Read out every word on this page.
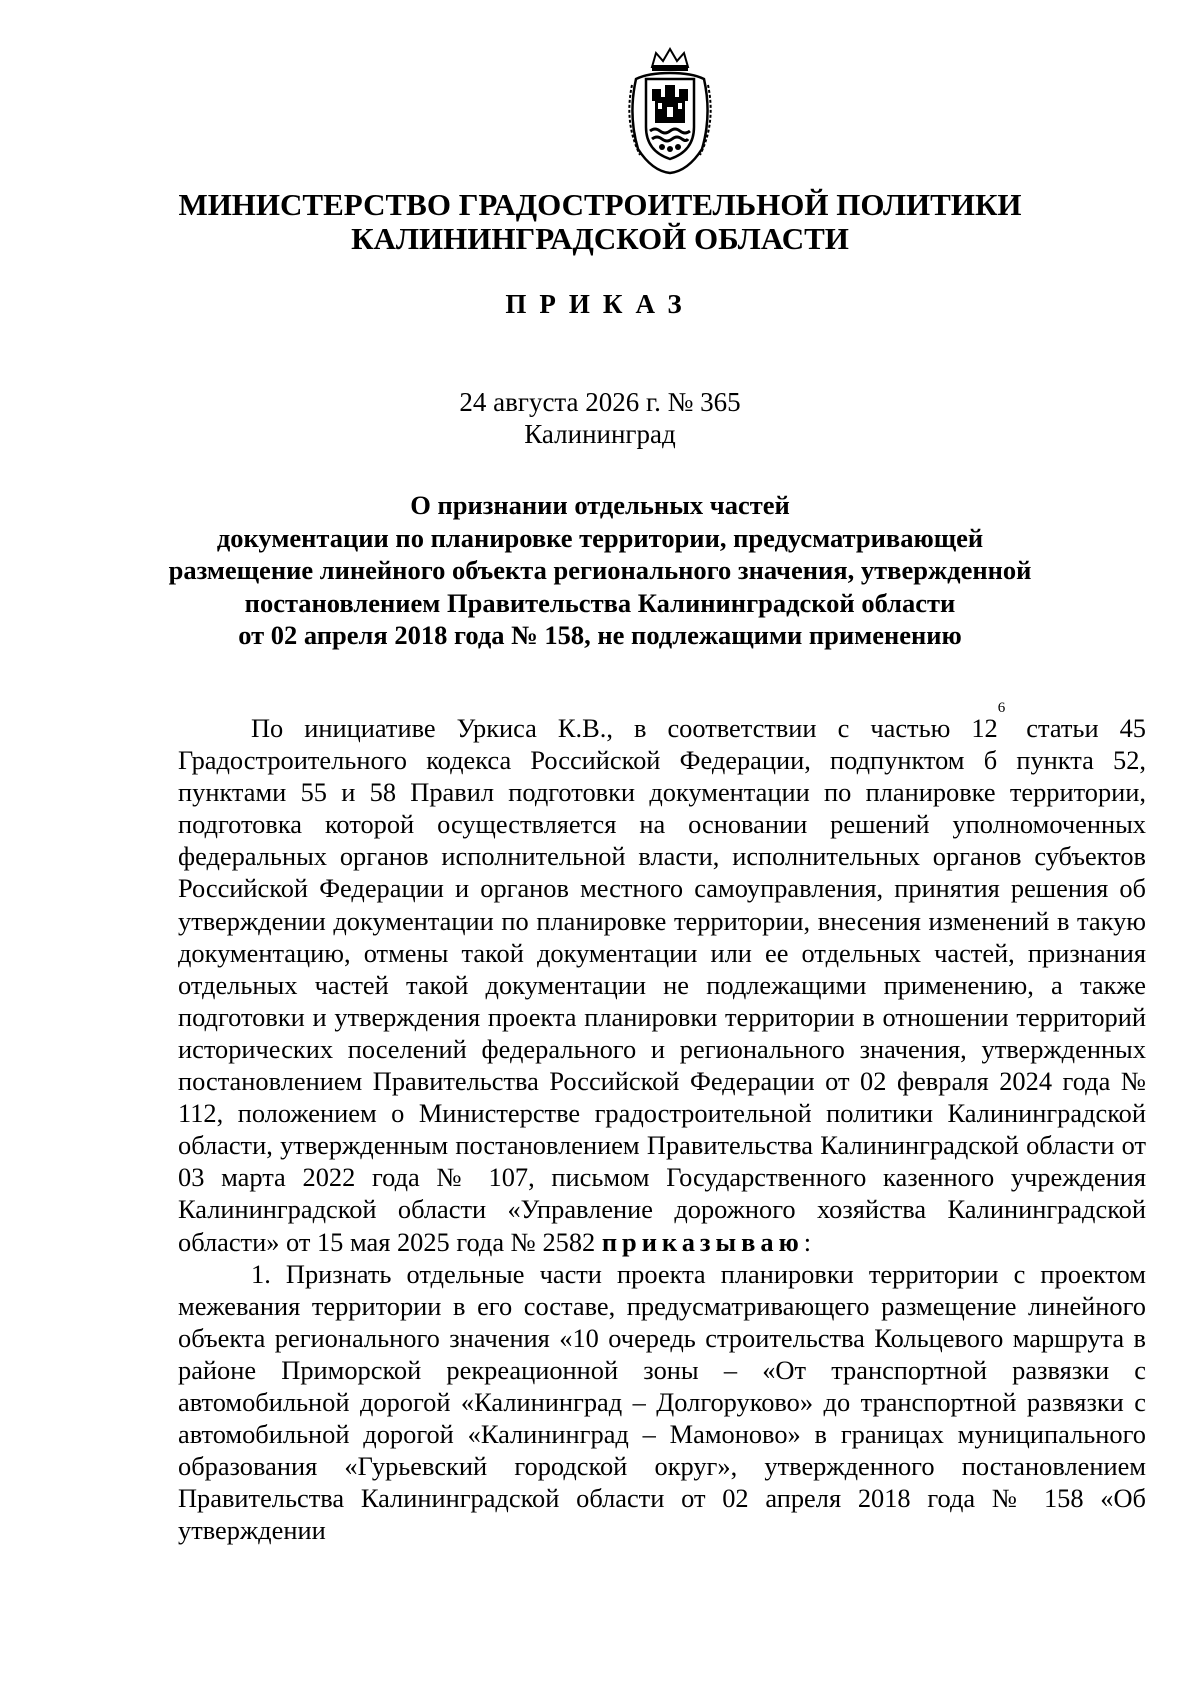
МИНИСТЕРСТВО ГРАДОСТРОИТЕЛЬНОЙ ПОЛИТИКИ
КАЛИНИНГРАДСКОЙ ОБЛАСТИ
ПРИКАЗ
24 августа 2026 г. № 365
Калининград
О признании отдельных частей
документации по планировке территории, предусматривающей
размещение линейного объекта регионального значения, утвержденной
постановлением Правительства Калининградской области
от 02 апреля 2018 года № 158, не подлежащими применению

По инициативе Уркиса К.В., в соответствии с частью $12^6$ статьи 45 Градостроительного кодекса Российской Федерации, подпунктом б пункта 52, пунктами 55 и 58 Правил подготовки документации по планировке территории, подготовка которой осуществляется на основании решений уполномоченных федеральных органов исполнительной власти, исполнительных органов субъектов Российской Федерации и органов местного самоуправления, принятия решения об утверждении документации по планировке территории, внесения изменений в такую документацию, отмены такой документации или ее отдельных частей, признания отдельных частей такой документации не подлежащими применению, а также подготовки и утверждения проекта планировки территории в отношении территорий исторических поселений федерального и регионального значения, утвержденных постановлением Правительства Российской Федерации от 02 февраля 2024 года № 112, положением о Министерстве градостроительной политики Калининградской области, утвержденным постановлением Правительства Калининградской области от 03 марта 2022 года № 107, письмом Государственного казенного учреждения Калининградской области «Управление дорожного хозяйства Калининградской области» от 15 мая 2025 года № 2582 приказываю:

1. Признать отдельные части проекта планировки территории с проектом межевания территории в его составе, предусматривающего размещение линейного объекта регионального значения «10 очередь строительства Кольцевого маршрута в районе Приморской рекреационной зоны – «От транспортной развязки с автомобильной дорогой «Калининград – Долгоруково» до транспортной развязки с автомобильной дорогой «Калининград – Мамоново» в границах муниципального образования «Гурьевский городской округ», утвержденного постановлением Правительства Калининградской области от 02 апреля 2018 года № 158 «Об утверждении
